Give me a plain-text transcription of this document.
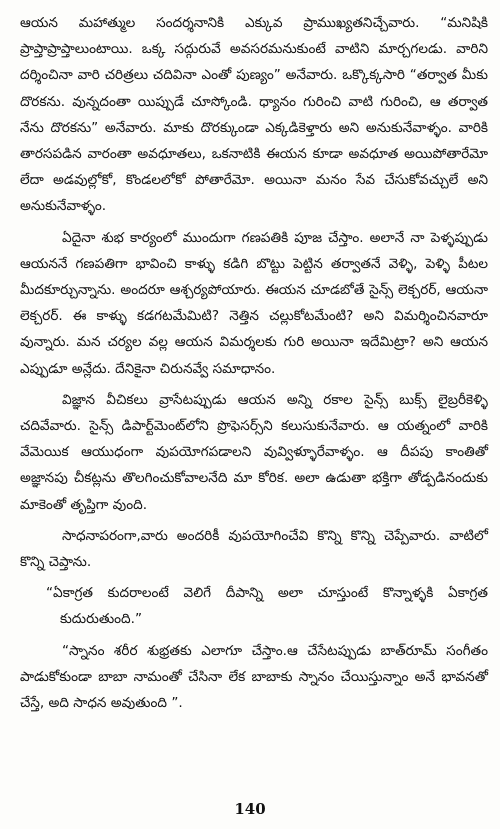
ఆయన మహాత్ముల సందర్శనానికి ఎక్కువ ప్రాముఖ్యతనిచ్చేవారు. “మనిషికి ప్రాప్తాప్రాప్తాలుంటాయి. ఒక్క సద్గురువే అవసరమనుకుంటే వాటిని మార్చగలడు. వారిని దర్శించినా వారి చరిత్రలు చదివినా ఎంతో పుణ్యం” అనేవారు. ఒక్కొక్కసారి “తర్వాత మీకు దొరకను. వున్నదంతా యిప్పుడే చూస్కోండి. ధ్యానం గురించి వాటి గురించి, ఆ తర్వాత నేను దొరకను” అనేవారు. మాకు దొరక్కుండా ఎక్కడికెళ్తారు అని అనుకునేవాళ్ళం. వారికి తారసపడిన వారంతా అవధూతలు, ఒకనాటికి ఈయన కూడా అవధూత అయిపోతారేమో లేదా అడవుల్లోకో, కొండలలోకో పోతారేమో. అయినా మనం సేవ చేసుకోవచ్చులే అని అనుకునేవాళ్ళం.

ఏదైనా శుభ కార్యంలో ముందుగా గణపతికి పూజ చేస్తాం. అలానే నా పెళ్ళప్పుడు ఆయననే గణపతిగా భావించి కాళ్ళు కడిగి బొట్టు పెట్టిన తర్వాతనే వెళ్ళి, పెళ్ళి పీటల మీదకూర్చున్నాను. అందరూ ఆశ్చర్యపోయారు. ఈయన చూడబోతే సైన్స్ లెక్చరర్, ఆయనా లెక్చరర్. ఈ కాళ్ళు కడగటమేమిటి? నెత్తిన చల్లుకోటమేంటి? అని విమర్శించినవారూ వున్నారు. మన చర్యల వల్ల ఆయన విమర్శలకు గురి అయినా ఇదేమిట్రా? అని ఆయన ఎప్పుడూ అన్లేదు. దేనికైనా చిరునవ్వే సమాధానం.

విజ్ఞాన వీచికలు వ్రాసేటప్పుడు ఆయన అన్ని రకాల సైన్స్ బుక్స్ లైబ్రరీకెళ్ళి చదివేవారు. సైన్స్ డిపార్ట్‌మెంట్‌లోని ప్రొఫెసర్స్‌ని కలుసుకునేవారు. ఆ యత్నంలో వారికి వేమెయిక ఆయుధంగా వుపయోగపడాలని వువ్విళ్ళూరేవాళ్ళం. ఆ దీపపు కాంతితో అజ్ఞానపు చీకట్లను తొలగించుకోవాలనేది మా కోరిక. అలా ఉడుతా భక్తిగా తోడ్పడినందుకు మాకెంతో తృప్తిగా వుంది.

సాధనాపరంగా,వారు అందరికీ వుపయోగించేవి కొన్ని కొన్ని చెప్పేవారు. వాటిలో కొన్ని చెప్తాను.

“ఏకాగ్రత కుదరాలంటే వెలిగే దీపాన్ని అలా చూస్తుంటే కొన్నాళ్ళకి ఏకాగ్రత కుదురుతుంది.”

“స్నానం శరీర శుభ్రతకు ఎలాగూ చేస్తాం.ఆ చేసేటప్పుడు బాత్‌రూమ్ సంగీతం పాడుకోకుండా బాబా నామంతో చేసినా లేక బాబాకు స్నానం చేయిస్తున్నాం అనే భావనతో చేస్తే, అది సాధన అవుతుంది ”.

140
